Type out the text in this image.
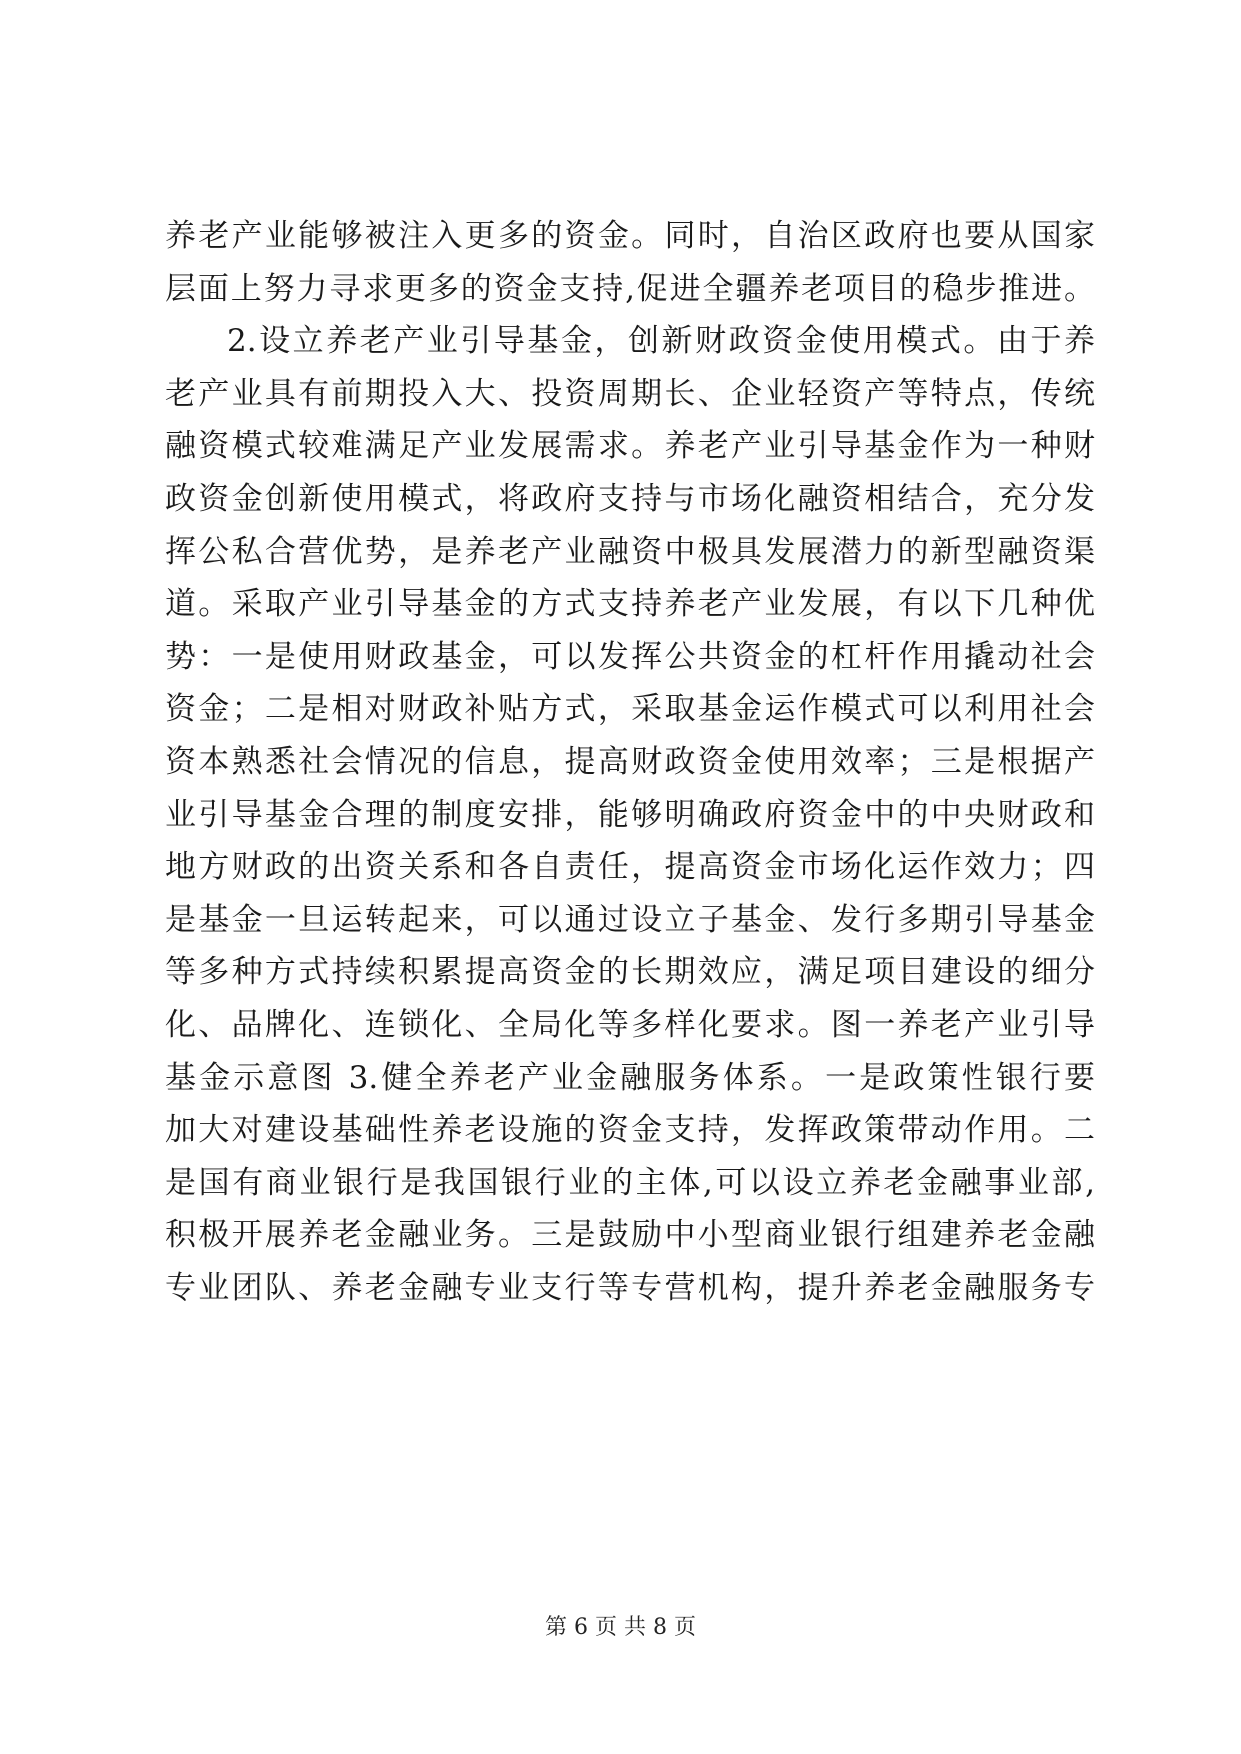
养老产业能够被注入更多的资金。同时，自治区政府也要从国家
层面上努力寻求更多的资金支持,促进全疆养老项目的稳步推进。
2.设立养老产业引导基金，创新财政资金使用模式。由于养
老产业具有前期投入大、投资周期长、企业轻资产等特点，传统
融资模式较难满足产业发展需求。养老产业引导基金作为一种财
政资金创新使用模式，将政府支持与市场化融资相结合，充分发
挥公私合营优势，是养老产业融资中极具发展潜力的新型融资渠
道。采取产业引导基金的方式支持养老产业发展，有以下几种优
势：一是使用财政基金，可以发挥公共资金的杠杆作用撬动社会
资金；二是相对财政补贴方式，采取基金运作模式可以利用社会
资本熟悉社会情况的信息，提高财政资金使用效率；三是根据产
业引导基金合理的制度安排，能够明确政府资金中的中央财政和
地方财政的出资关系和各自责任，提高资金市场化运作效力；四
是基金一旦运转起来，可以通过设立子基金、发行多期引导基金
等多种方式持续积累提高资金的长期效应，满足项目建设的细分
化、品牌化、连锁化、全局化等多样化要求。图一养老产业引导
基金示意图 3.健全养老产业金融服务体系。一是政策性银行要
加大对建设基础性养老设施的资金支持，发挥政策带动作用。二
是国有商业银行是我国银行业的主体,可以设立养老金融事业部,
积极开展养老金融业务。三是鼓励中小型商业银行组建养老金融
专业团队、养老金融专业支行等专营机构，提升养老金融服务专
第 6 页 共 8 页
